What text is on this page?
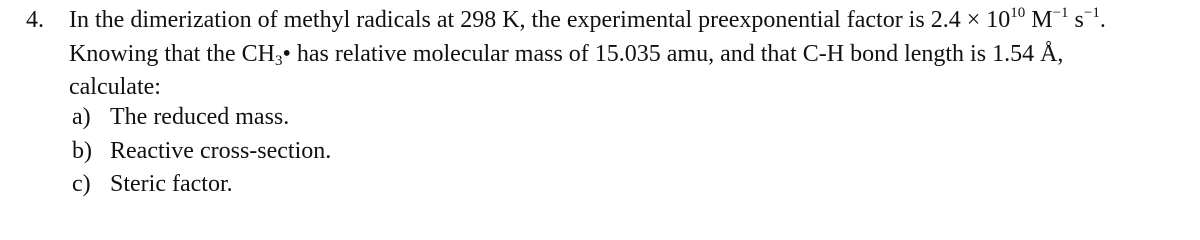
4. In the dimerization of methyl radicals at 298 K, the experimental preexponential factor is $2.4 \times 10^{10}$ $M^{-1}$ $s^{-1}$.
Knowing that the $CH_3•$ has relative molecular mass of 15.035 amu, and that C-H bond length is 1.54 Å,
calculate:
a) The reduced mass.
b) Reactive cross-section.
c) Steric factor.
